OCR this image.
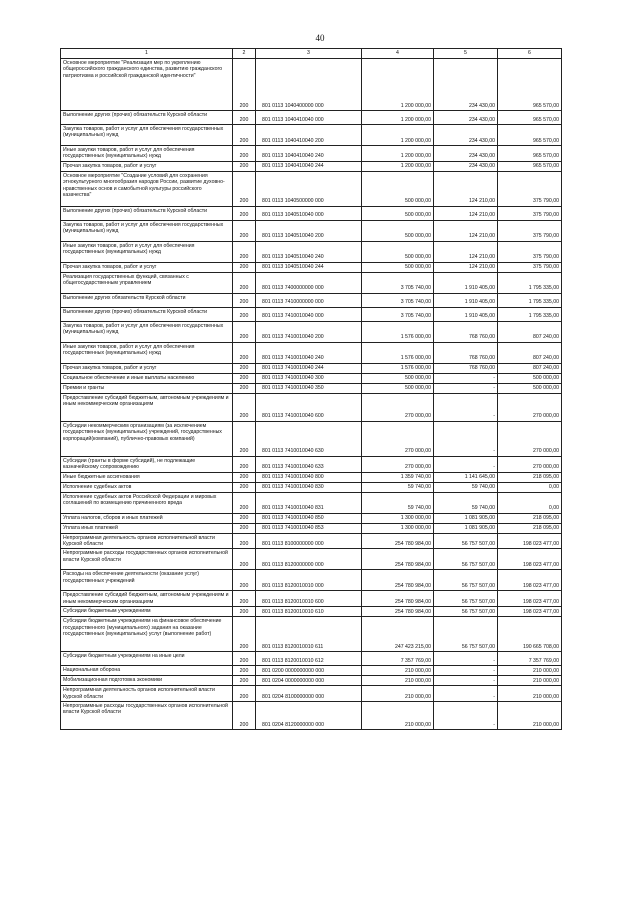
40
1	2	3	4	5	6
Основное мероприятие "Реализация мер по укреплению общероссийского гражданского единства, развитию гражданского патриотизма и российской гражданской идентичности"	200	801 0113 1040400000 000	1 200 000,00	234 430,00	965 570,00
Выполнение других (прочих) обязательств Курской области	200	801 0113 1040410040 000	1 200 000,00	234 430,00	965 570,00
Закупка товаров, работ и услуг для обеспечения государственных (муниципальных) нужд	200	801 0113 1040410040 200	1 200 000,00	234 430,00	965 570,00
Иные закупки товаров, работ и услуг для обеспечения государственных (муниципальных) нужд	200	801 0113 1040410040 240	1 200 000,00	234 430,00	965 570,00
Прочая закупка товаров, работ и услуг	200	801 0113 1040410040 244	1 200 000,00	234 430,00	965 570,00
Основное мероприятие "Создание условий для сохранения этнокультурного многообразия народов России, развитие духовно-нравственных основ и самобытной культуры российского казачества"	200	801 0113 1040500000 000	500 000,00	124 210,00	375 790,00
Выполнение других (прочих) обязательств Курской области	200	801 0113 1040510040 000	500 000,00	124 210,00	375 790,00
Закупка товаров, работ и услуг для обеспечения государственных (муниципальных) нужд	200	801 0113 1040510040 200	500 000,00	124 210,00	375 790,00
Иные закупки товаров, работ и услуг для обеспечения государственных (муниципальных) нужд	200	801 0113 1040510040 240	500 000,00	124 210,00	375 790,00
Прочая закупка товаров, работ и услуг	200	801 0113 1040510040 244	500 000,00	124 210,00	375 790,00
Реализация государственных функций, связанных с общегосударственным управлением	200	801 0113 7400000000 000	3 705 740,00	1 910 405,00	1 795 335,00
Выполнение других обязательств Курской области	200	801 0113 7410000000 000	3 705 740,00	1 910 405,00	1 795 335,00
Выполнение других (прочих) обязательств Курской области	200	801 0113 7410010040 000	3 705 740,00	1 910 405,00	1 795 335,00
Закупка товаров, работ и услуг для обеспечения государственных (муниципальных) нужд	200	801 0113 7410010040 200	1 576 000,00	768 760,00	807 240,00
Иные закупки товаров, работ и услуг для обеспечения государственных (муниципальных) нужд	200	801 0113 7410010040 240	1 576 000,00	768 760,00	807 240,00
Прочая закупка товаров, работ и услуг	200	801 0113 7410010040 244	1 576 000,00	768 760,00	807 240,00
Социальное обеспечение и иные выплаты населению	200	801 0113 7410010040 300	500 000,00	-	500 000,00
Премии и гранты	200	801 0113 7410010040 350	500 000,00	-	500 000,00
Предоставление субсидий бюджетным, автономным учреждениям и иным некоммерческим организациям	200	801 0113 7410010040 600	270 000,00	-	270 000,00
Субсидии некоммерческим организациям (за исключением государственных (муниципальных) учреждений, государственных корпораций(компаний), публично-правовых компаний)	200	801 0113 7410010040 630	270 000,00	-	270 000,00
Субсидии (гранты в форме субсидий), не подлежащие казначейскому сопровождению	200	801 0113 7410010040 633	270 000,00	-	270 000,00
Иные бюджетные ассигнования	200	801 0113 7410010040 800	1 359 740,00	1 141 645,00	218 095,00
Исполнение судебных актов	200	801 0113 7410010040 830	59 740,00	59 740,00	0,00
Исполнение судебных актов Российской Федерации и мировых соглашений по возмещению причиненного вреда	200	801 0113 7410010040 831	59 740,00	59 740,00	0,00
Уплата налогов, сборов и иных платежей	200	801 0113 7410010040 850	1 300 000,00	1 081 905,00	218 095,00
Уплата иных платежей	200	801 0113 7410010040 853	1 300 000,00	1 081 905,00	218 095,00
Непрограммная деятельность органов исполнительной власти Курской области	200	801 0113 8100000000 000	254 780 984,00	56 757 507,00	198 023 477,00
Непрограммные расходы государственных органов исполнительной власти Курской области	200	801 0113 8120000000 000	254 780 984,00	56 757 507,00	198 023 477,00
Расходы на обеспечение деятельности (оказание услуг) государственных учреждений	200	801 0113 8120010010 000	254 780 984,00	56 757 507,00	198 023 477,00
Предоставление субсидий бюджетным, автономным учреждениям и иным некоммерческим организациям	200	801 0113 8120010010 600	254 780 984,00	56 757 507,00	198 023 477,00
Субсидии бюджетным учреждениям	200	801 0113 8120010010 610	254 780 984,00	56 757 507,00	198 023 477,00
Субсидии бюджетным учреждениям на финансовое обеспечение государственного (муниципального) задания на оказание государственных (муниципальных) услуг (выполнение работ)	200	801 0113 8120010010 611	247 423 215,00	56 757 507,00	190 665 708,00
Субсидии бюджетным учреждениям на иные цели	200	801 0113 8120010010 612	7 357 769,00	-	7 357 769,00
Национальная оборона	200	801 0200 0000000000 000	210 000,00	-	210 000,00
Мобилизационная подготовка экономики	200	801 0204 0000000000 000	210 000,00	-	210 000,00
Непрограммная деятельность органов исполнительной власти Курской области	200	801 0204 8100000000 000	210 000,00	-	210 000,00
Непрограммные расходы государственных органов исполнительной власти Курской области	200	801 0204 8120000000 000	210 000,00	-	210 000,00
